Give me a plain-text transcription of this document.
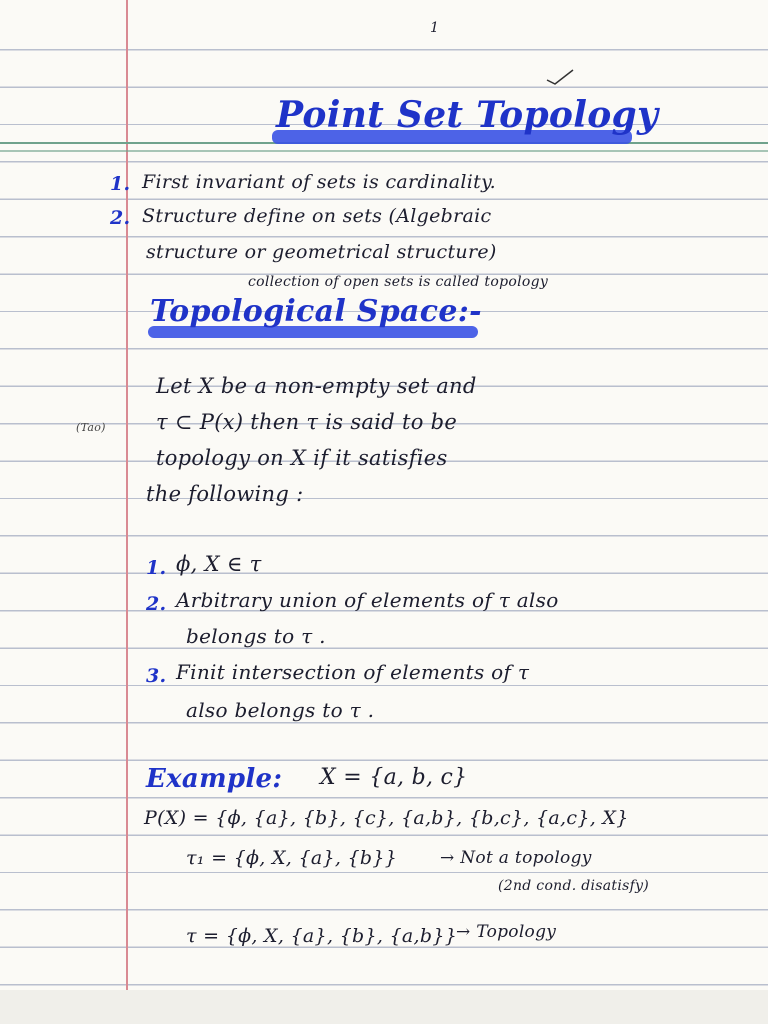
1
Point Set Topology
1. First invariant of sets is cardinality.
2. Structure define on sets (Algebraic
structure or geometrical structure)
collection of open sets is called topology
Topological Space:-
(Tao)
Let X be a non-empty set and
τ ⊂ P(x) then τ is said to be
topology on X if it satisfies
the following :
1. ϕ, X ∈ τ
2. Arbitrary union of elements of τ also
belongs to τ .
3. Finit intersection of elements of τ
also belongs to τ .
Example: X = {a, b, c}
P(X) = {ϕ, {a}, {b}, {c}, {a,b}, {b,c}, {a,c}, X}
τ₁ = {ϕ, X, {a}, {b}}	→ Not a topology
(2nd cond. disatisfy)
τ = {ϕ, X, {a}, {b}, {a,b}}
→ Topology
